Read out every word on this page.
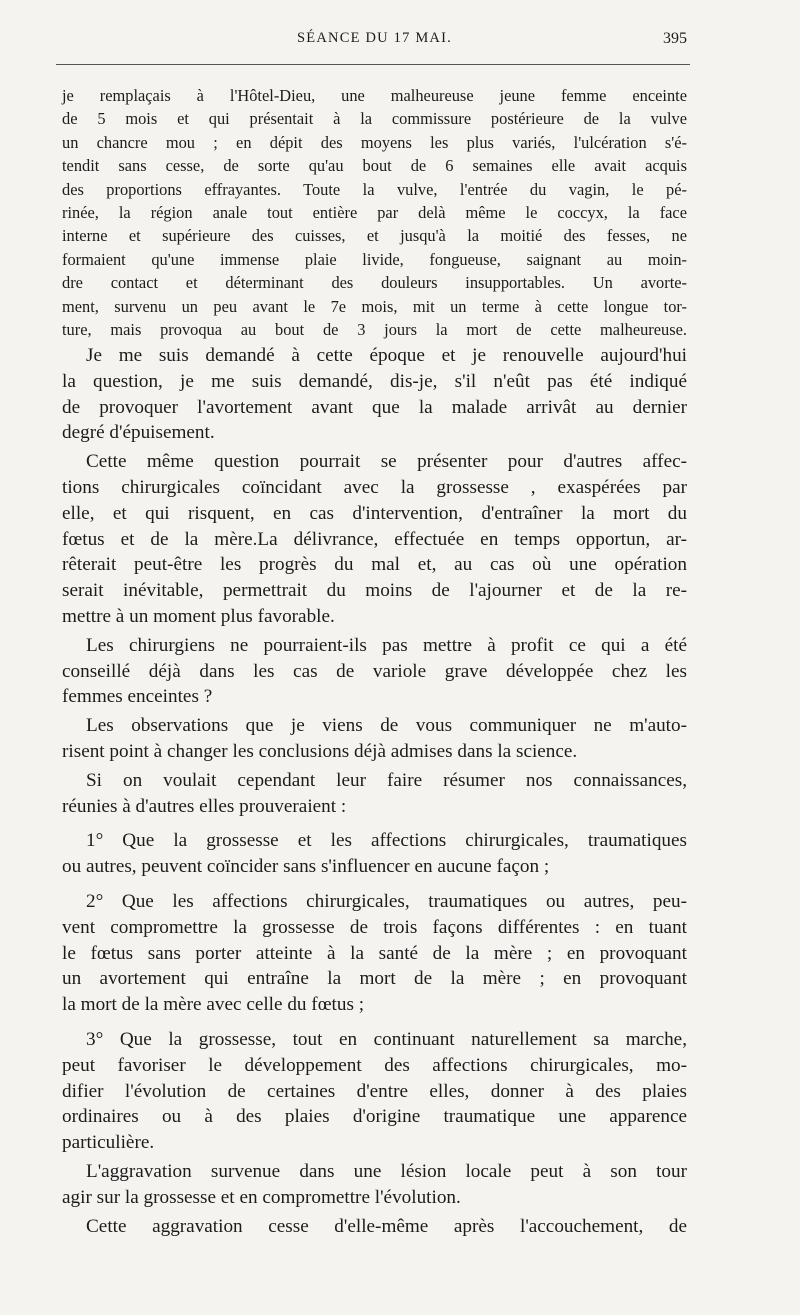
SÉANCE DU 17 MAI.	395
je remplaçais à l'Hôtel-Dieu, une malheureuse jeune femme enceinte
de 5 mois et qui présentait à la commissure postérieure de la vulve
un chancre mou ; en dépit des moyens les plus variés, l'ulcération s'é-
tendit sans cesse, de sorte qu'au bout de 6 semaines elle avait acquis
des proportions effrayantes. Toute la vulve, l'entrée du vagin, le pé-
rinée, la région anale tout entière par delà même le coccyx, la face
interne et supérieure des cuisses, et jusqu'à la moitié des fesses, ne
formaient qu'une immense plaie livide, fongueuse, saignant au moin-
dre contact et déterminant des douleurs insupportables. Un avorte-
ment, survenu un peu avant le 7e mois, mit un terme à cette longue tor-
ture, mais provoqua au bout de 3 jours la mort de cette malheureuse.
Je me suis demandé à cette époque et je renouvelle aujourd'hui
la question, je me suis demandé, dis-je, s'il n'eût pas été indiqué
de provoquer l'avortement avant que la malade arrivât au dernier
degré d'épuisement.
Cette même question pourrait se présenter pour d'autres affec-
tions chirurgicales coïncidant avec la grossesse , exaspérées par
elle, et qui risquent, en cas d'intervention, d'entraîner la mort du
fœtus et de la mère.La délivrance, effectuée en temps opportun, ar-
rêterait peut-être les progrès du mal et, au cas où une opération
serait inévitable, permettrait du moins de l'ajourner et de la re-
mettre à un moment plus favorable.
Les chirurgiens ne pourraient-ils pas mettre à profit ce qui a été
conseillé déjà dans les cas de variole grave développée chez les
femmes enceintes ?
Les observations que je viens de vous communiquer ne m'auto-
risent point à changer les conclusions déjà admises dans la science.
Si on voulait cependant leur faire résumer nos connaissances,
réunies à d'autres elles prouveraient :
1° Que la grossesse et les affections chirurgicales, traumatiques
ou autres, peuvent coïncider sans s'influencer en aucune façon ;
2° Que les affections chirurgicales, traumatiques ou autres, peu-
vent compromettre la grossesse de trois façons différentes : en tuant
le fœtus sans porter atteinte à la santé de la mère ; en provoquant
un avortement qui entraîne la mort de la mère ; en provoquant
la mort de la mère avec celle du fœtus ;
3° Que la grossesse, tout en continuant naturellement sa marche,
peut favoriser le développement des affections chirurgicales, mo-
difier l'évolution de certaines d'entre elles, donner à des plaies
ordinaires ou à des plaies d'origine traumatique une apparence
particulière.
L'aggravation survenue dans une lésion locale peut à son tour
agir sur la grossesse et en compromettre l'évolution.
Cette aggravation cesse d'elle-même après l'accouchement, de
